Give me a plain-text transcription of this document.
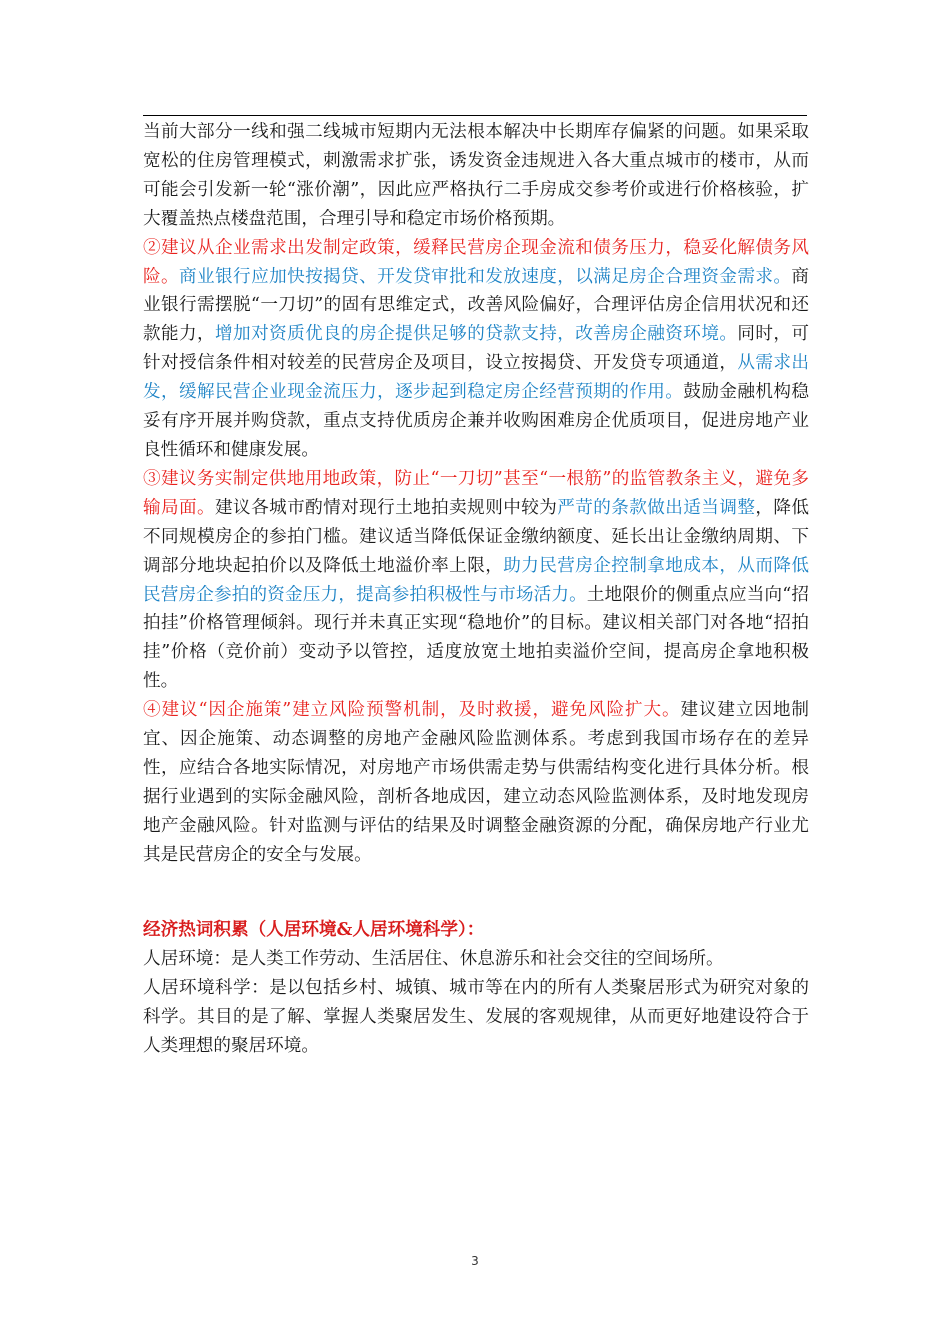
当前大部分一线和强二线城市短期内无法根本解决中长期库存偏紧的问题。如果采取宽松的住房管理模式，刺激需求扩张，诱发资金违规进入各大重点城市的楼市，从而可能会引发新一轮“涨价潮”，因此应严格执行二手房成交参考价或进行价格核验，扩大覆盖热点楼盘范围，合理引导和稳定市场价格预期。

②建议从企业需求出发制定政策，缓释民营房企现金流和债务压力，稳妥化解债务风险。商业银行应加快按揭贷、开发贷审批和发放速度，以满足房企合理资金需求。商业银行需摆脱“一刀切”的固有思维定式，改善风险偏好，合理评估房企信用状况和还款能力，增加对资质优良的房企提供足够的贷款支持，改善房企融资环境。同时，可针对授信条件相对较差的民营房企及项目，设立按揭贷、开发贷专项通道，从需求出发，缓解民营企业现金流压力，逐步起到稳定房企经营预期的作用。鼓励金融机构稳妥有序开展并购贷款，重点支持优质房企兼并收购困难房企优质项目，促进房地产业良性循环和健康发展。

③建议务实制定供地用地政策，防止“一刀切”甚至“一根筋”的监管教条主义，避免多输局面。建议各城市酌情对现行土地拍卖规则中较为严苛的条款做出适当调整，降低不同规模房企的参拍门槛。建议适当降低保证金缴纳额度、延长出让金缴纳周期、下调部分地块起拍价以及降低土地溢价率上限，助力民营房企控制拿地成本，从而降低民营房企参拍的资金压力，提高参拍积极性与市场活力。土地限价的侧重点应当向“招拍挂”价格管理倾斜。现行并未真正实现“稳地价”的目标。建议相关部门对各地“招拍挂”价格（竞价前）变动予以管控，适度放宽土地拍卖溢价空间，提高房企拿地积极性。

④建议“因企施策”建立风险预警机制，及时救援，避免风险扩大。建议建立因地制宜、因企施策、动态调整的房地产金融风险监测体系。考虑到我国市场存在的差异性，应结合各地实际情况，对房地产市场供需走势与供需结构变化进行具体分析。根据行业遇到的实际金融风险，剖析各地成因，建立动态风险监测体系，及时地发现房地产金融风险。针对监测与评估的结果及时调整金融资源的分配，确保房地产行业尤其是民营房企的安全与发展。

经济热词积累（人居环境&人居环境科学）：

人居环境：是人类工作劳动、生活居住、休息游乐和社会交往的空间场所。

人居环境科学：是以包括乡村、城镇、城市等在内的所有人类聚居形式为研究对象的科学。其目的是了解、掌握人类聚居发生、发展的客观规律，从而更好地建设符合于人类理想的聚居环境。

3
